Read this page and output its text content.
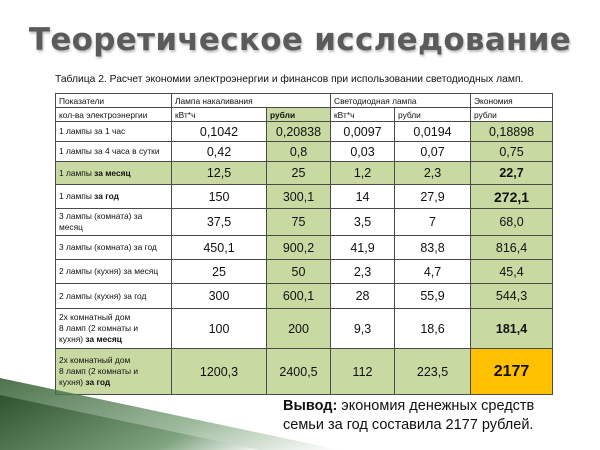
Теоретическое исследование
Таблица 2. Расчет экономии электроэнергии и финансов при использовании светодиодных ламп.
Показатели	Лампа накаливания		Светодиодная лампа		Экономия
кол-ва электроэнергии	кВт*ч	рубли	кВт*ч	рубли	рубли
1 лампы за 1 час	0,1042	0,20838	0,0097	0,0194	0,18898
1 лампы за 4 часа в сутки	0,42	0,8	0,03	0,07	0,75
1 лампы за месяц	12,5	25	1,2	2,3	22,7
1 лампы за год	150	300,1	14	27,9	272,1
3 лампы (комната) за месяц	37,5	75	3,5	7	68,0
3 лампы (комната) за год	450,1	900,2	41,9	83,8	816,4
2 лампы (кухня) за месяц	25	50	2,3	4,7	45,4
2 лампы (кухня) за год	300	600,1	28	55,9	544,3
2х комнатный дом
8 ламп (2 комнаты и
кухня) за месяц	100	200	9,3	18,6	181,4
2х комнатный дом
8 ламп (2 комнаты и
кухня) за год	1200,3	2400,5	112	223,5	2177
Вывод: экономия денежных средств
семьи за год составила 2177 рублей.
